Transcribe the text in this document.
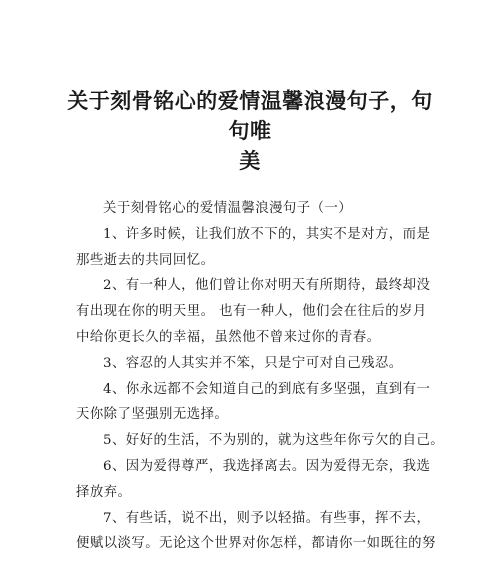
关于刻骨铭心的爱情温馨浪漫句子，句句唯
美
关于刻骨铭心的爱情温馨浪漫句子（一）
1、许多时候，让我们放不下的，其实不是对方，而是
那些逝去的共同回忆。
2、有一种人，他们曾让你对明天有所期待，最终却没
有出现在你的明天里。 也有一种人，他们会在往后的岁月
中给你更长久的幸福，虽然他不曾来过你的青春。
3、容忍的人其实并不笨，只是宁可对自己残忍。
4、你永远都不会知道自己的到底有多坚强，直到有一
天你除了坚强别无选择。
5、好好的生活，不为别的，就为这些年你亏欠的自己。
6、因为爱得尊严，我选择离去。因为爱得无奈，我选
择放弃。
7、有些话，说不出，则予以轻描。有些事，挥不去，
便赋以淡写。无论这个世界对你怎样，都请你一如既往的努
